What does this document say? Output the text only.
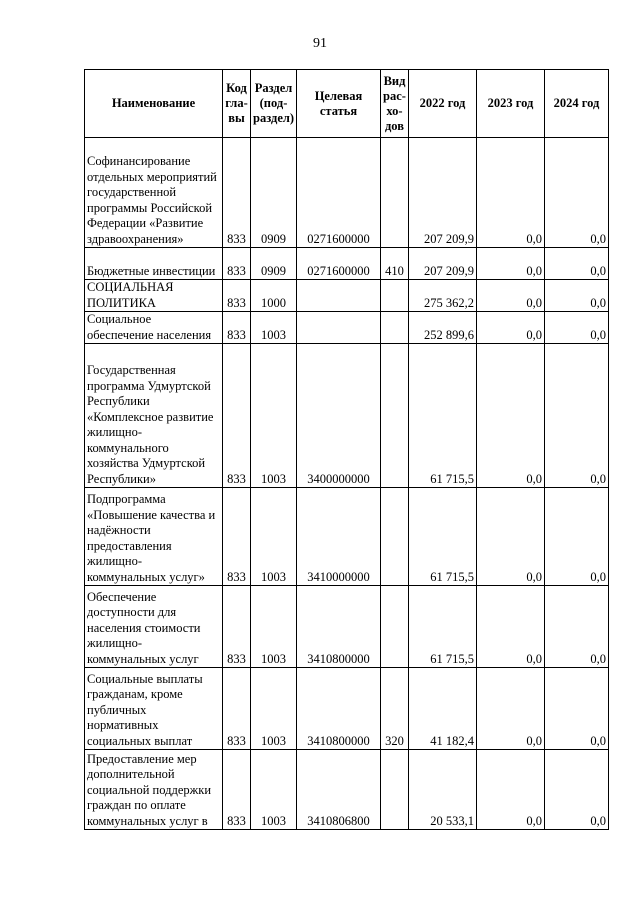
91
Наименование	Код гла-вы	Раздел (под-раздел)	Целевая статья	Вид рас-хо-дов	2022 год	2023 год	2024 год
Софинансирование отдельных мероприятий государственной программы Российской Федерации «Развитие здравоохранения»	833	0909	0271600000		207 209,9	0,0	0,0
Бюджетные инвестиции	833	0909	0271600000	410	207 209,9	0,0	0,0
СОЦИАЛЬНАЯ ПОЛИТИКА	833	1000			275 362,2	0,0	0,0
Социальное обеспечение населения	833	1003			252 899,6	0,0	0,0
Государственная программа Удмуртской Республики «Комплексное развитие жилищно-коммунального хозяйства Удмуртской Республики»	833	1003	3400000000		61 715,5	0,0	0,0
Подпрограмма «Повышение качества и надёжности предоставления жилищно-коммунальных услуг»	833	1003	3410000000		61 715,5	0,0	0,0
Обеспечение доступности для населения стоимости жилищно-коммунальных услуг	833	1003	3410800000		61 715,5	0,0	0,0
Социальные выплаты гражданам, кроме публичных нормативных социальных выплат	833	1003	3410800000	320	41 182,4	0,0	0,0
Предоставление мер дополнительной социальной поддержки граждан по оплате коммунальных услуг в	833	1003	3410806800		20 533,1	0,0	0,0
